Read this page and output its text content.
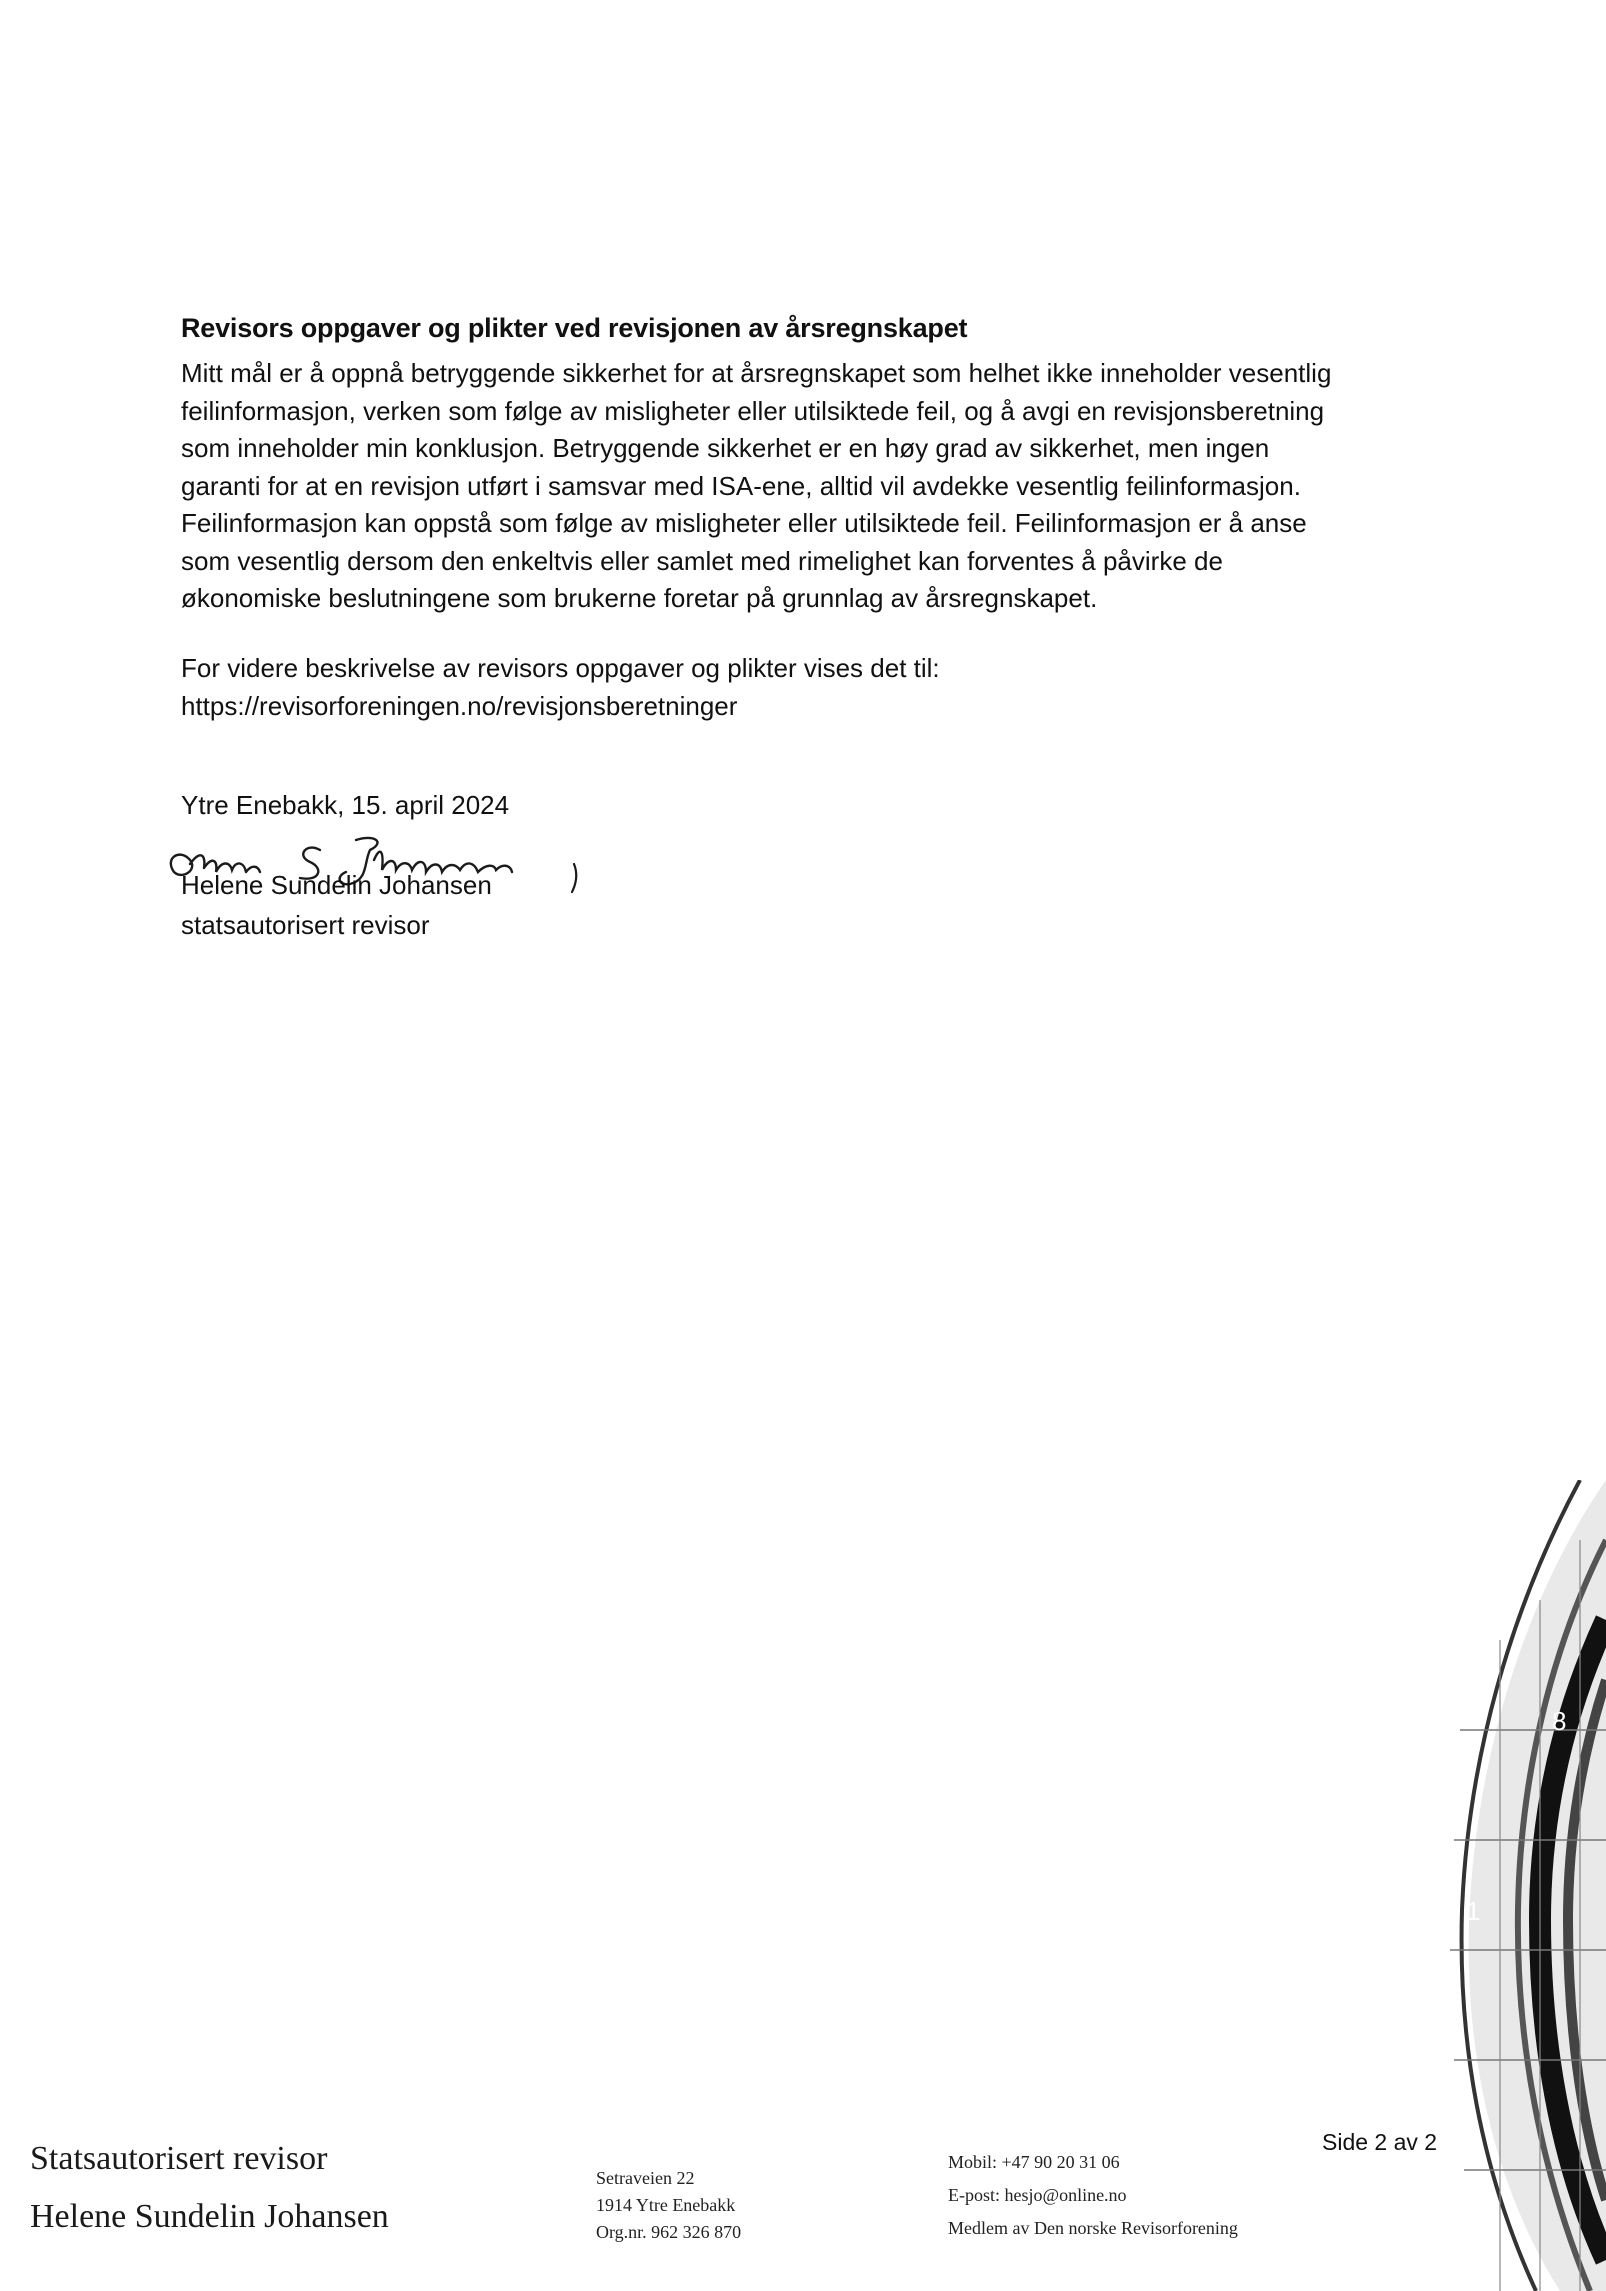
Revisors oppgaver og plikter ved revisjonen av årsregnskapet
Mitt mål er å oppnå betryggende sikkerhet for at årsregnskapet som helhet ikke inneholder vesentlig
feilinformasjon, verken som følge av misligheter eller utilsiktede feil, og å avgi en revisjonsberetning
som inneholder min konklusjon. Betryggende sikkerhet er en høy grad av sikkerhet, men ingen
garanti for at en revisjon utført i samsvar med ISA-ene, alltid vil avdekke vesentlig feilinformasjon.
Feilinformasjon kan oppstå som følge av misligheter eller utilsiktede feil. Feilinformasjon er å anse
som vesentlig dersom den enkeltvis eller samlet med rimelighet kan forventes å påvirke de
økonomiske beslutningene som brukerne foretar på grunnlag av årsregnskapet.
For videre beskrivelse av revisors oppgaver og plikter vises det til:
https://revisorforeningen.no/revisjonsberetninger
Ytre Enebakk, 15. april 2024
Helene Sundelin Johansen
statsautorisert revisor
8
1
Statsautorisert revisor
Helene Sundelin Johansen
Setraveien 22
1914 Ytre Enebakk
Org.nr. 962 326 870
Mobil: +47 90 20 31 06
E-post: hesjo@online.no
Medlem av Den norske Revisorforening
Side 2 av 2
